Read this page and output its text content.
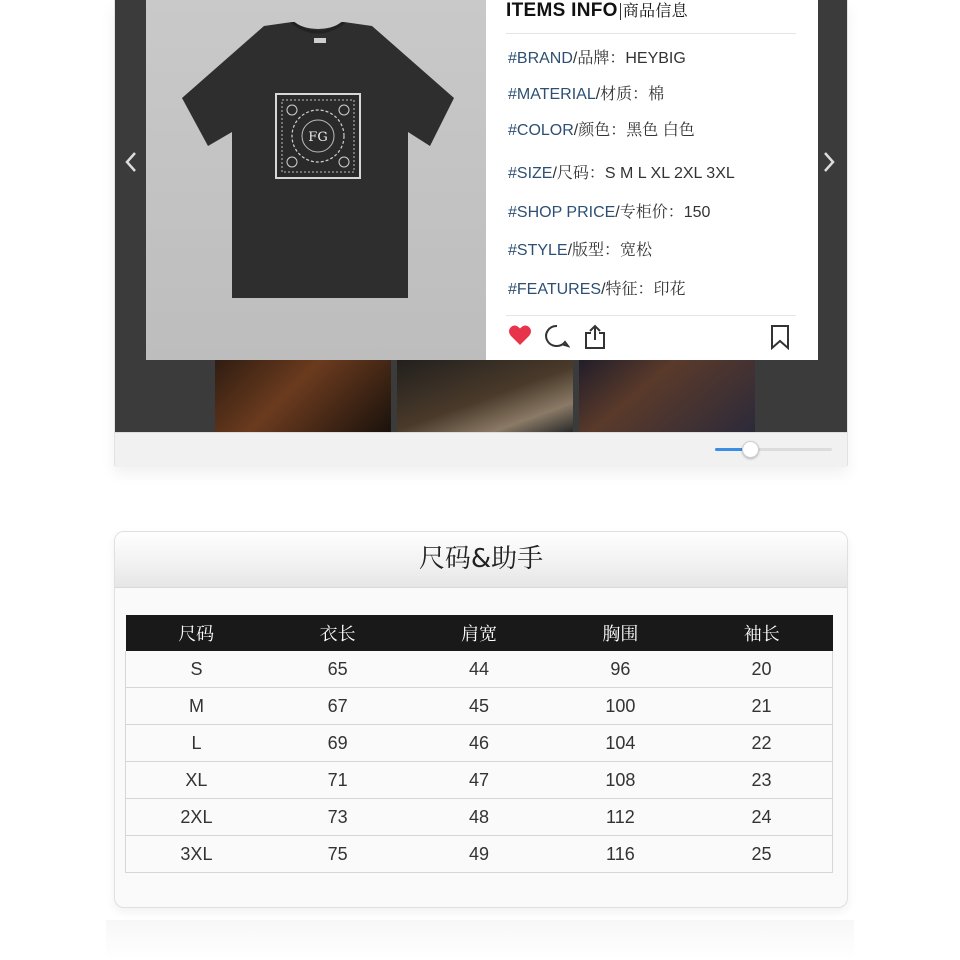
FG
ITEMS INFO 商品信息
#BRAND/品牌：HEYBIG
#MATERIAL/材质：棉
#COLOR/颜色：黑色 白色
#SIZE/尺码：S M L XL 2XL 3XL
#SHOP PRICE/专柜价：150
#STYLE/版型：宽松
#FEATURES/特征：印花
尺码&助手
尺码	衣长	肩宽	胸围	袖长
S	65	44	96	20
M	67	45	100	21
L	69	46	104	22
XL	71	47	108	23
2XL	73	48	112	24
3XL	75	49	116	25
